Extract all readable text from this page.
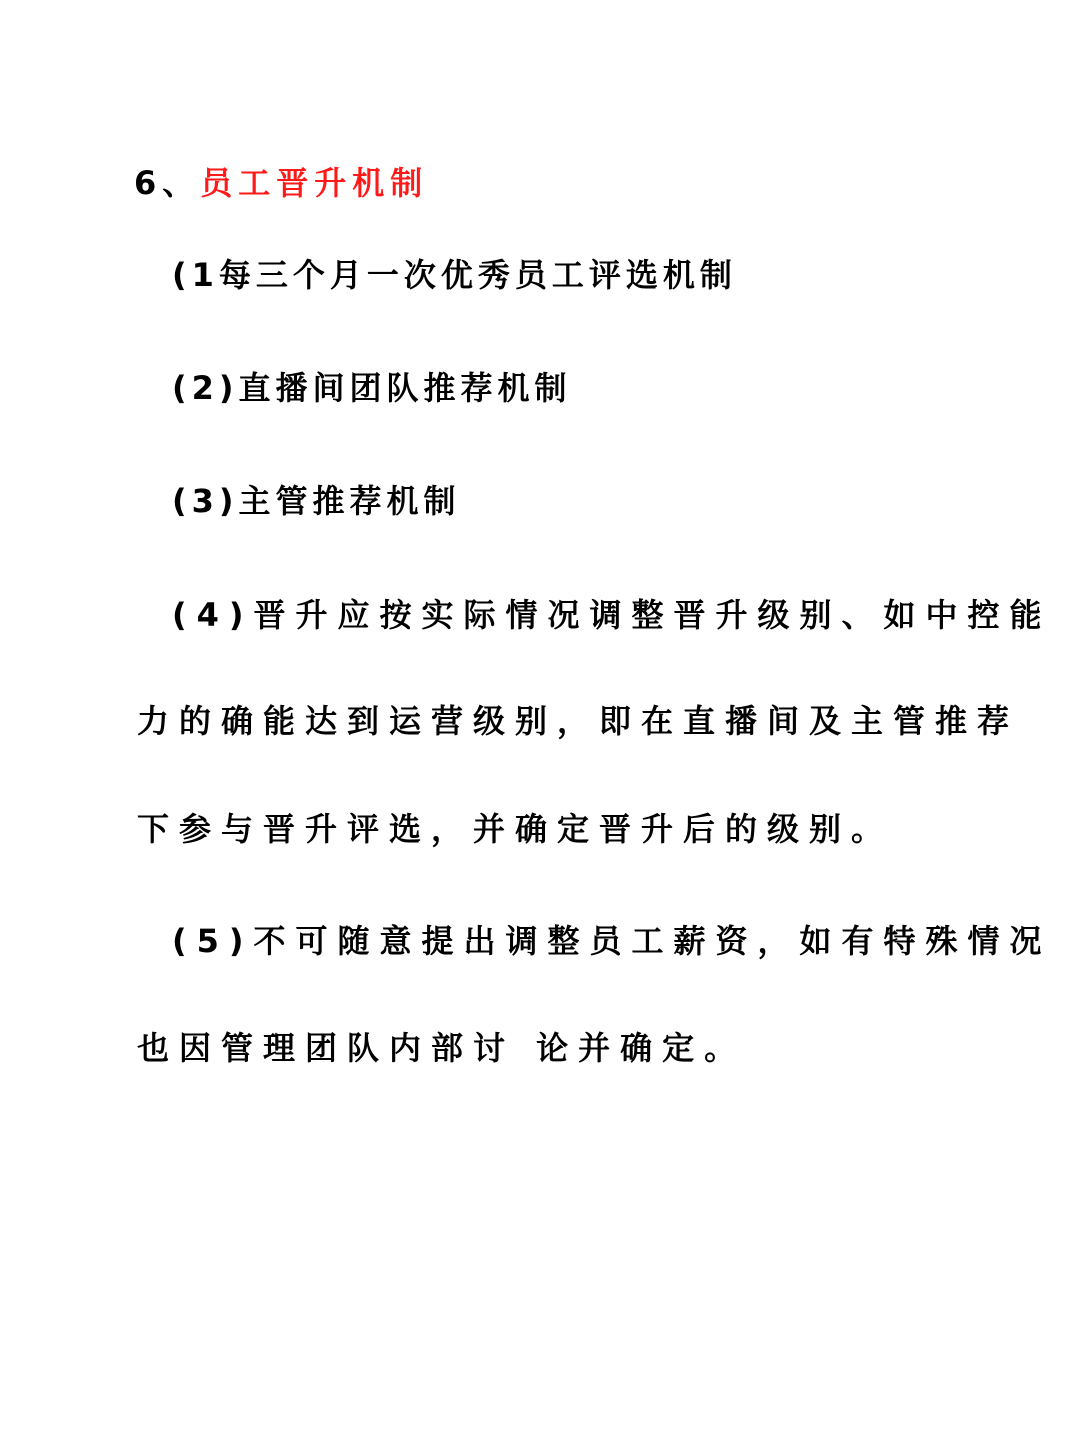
6、员工晋升机制
(1每三个月一次优秀员工评选机制
(2)直播间团队推荐机制
(3)主管推荐机制
(4)晋升应按实际情况调整晋升级别、如中控能
力的确能达到运营级别，即在直播间及主管推荐
下参与晋升评选，并确定晋升后的级别。
(5)不可随意提出调整员工薪资，如有特殊情况
也因管理团队内部讨 论并确定。
